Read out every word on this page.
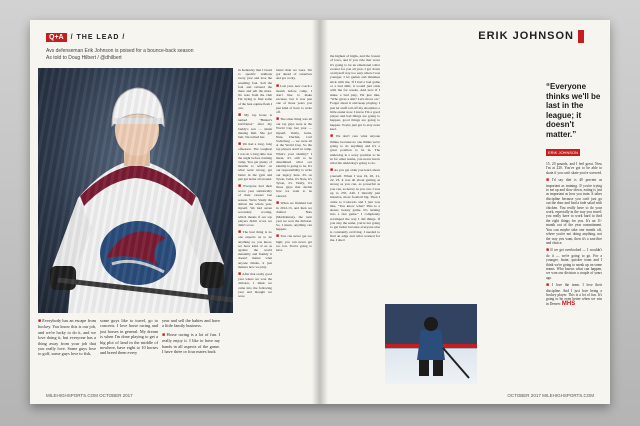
Q+A	/ THE LEAD /
Avs defenseman Erik Johnson is poised for a bounce-back season
As told to Doug Hilbert / @dhilbert

■Everybody has an escape from hockey. You know this is our job, and we're lucky to do it, and we love doing it, but everyone has a thing away from your job that you really love. Some guys love to golf, some guys love to fish,

some guys like to travel, go to concerts. I love horse racing and just horses in general. My dream is when I'm done playing to get a big plot of land in the middle of nowhere, have eight to 10 horses and breed them every

year and sell the babies and have a little family business.

■Horse racing is a lot of fun. I really enjoy it. I like to have my hands in all aspects of the game. I have three or four mares back

in Kentucky that I breed to specific stallions every year and love the resulting foal. Sell the foal and rebreed the mare and sell the mare. No note from the club I'm trying to find some of the best equine flesh I can.

■My top horse is named "Hunter's Girlfriend," after my buddy's son — kinda musing him. She got hurt. We retired her.

■We had a long, long offseason. The toughest I was in a long time was the night before training camp. You get plenty of months to reflect on what went wrong, get better in the gym and just get better all around.

■Everyone had their worst year statistically of their careers last season. We're Vasily the almost the whole year, myself. We had seven secondary scoring, which means if our top players didn't score we didn't score.

■The best thing is no one expects us to do anything so, you know, we have kind of us as against the world mentality and frankly it doesn't matter what anyone thinks, it just matters how we play.

■After that really good year where we won the division, I think we came into the following year and thought we were

better than we were. We got ahead of ourselves and got cocky.

■Last year, new coach a month before camp. I don't like to make excuses, but it was just one of those years you just kind of have to write off.

■The other thing was all our top guys were at the World Cup last year — myself, Vasily, Gabe, Nate, Duchin, Carl Soderberg — we were all at the World Cup. So the top players aren't in camp. What's your identity? I mean, it's still to be determined what our identity is going to be. It's our responsibility to write our legacy here. It's on Tyson, Gabe, it's Nate, it's Tyson, it's Vasily, it's those guys that decide how we want to be viewed.

■When we finished last in 2012-13, and then we drafted Nate (MacKinnon), the next year we won the division. So, I mean, anything can happen.

■You can never get too high; you can never get too low. You're going to have

MILEHIGHSPORTS.COM OCTOBER 2017
ERIK JOHNSON

the highest of highs, and the lowest of lows, and if you ride that wave it's going to be an emotional roller coaster for you all year. I got down on myself way too easy when I was younger. I let games and mistakes stick with me. If I had a bad game or a bad shift, it would just stick with me for weeks. And now if I make a bad play, I'm just like, "Who gives a shit? Let's move on." Forget about it and keep playing. I just let stuff roll off my shoulders a little easier now. I know I'm a good player and bad things are going to happen, good things are going to happen. You're just got to stay even keel.

■We don't care what anyone thinks, because no one thinks we're going to do anything and it's a great position to be in. The underdog is a scary position to be in for other teams, you never know what the underdog's going to do.

■As you get older you learn about yourself. When I was 19, 20, 21, 22, 23, it was all about getting as strong as you can, as powerful as you can, as heavy as you can. I was up to 235, 240. I literally just massive, more football big. Then I came to Colorado and I just was like, "You know what? This is a skater, beasty game. It's turning into a fast game." I completely revamped the way I did things. If you stay the same, you're not going to get better because everyone else is constantly evolving. I needed to find an edge and what worked for me. I shed

“Everyone thinks we'll be last in the league; it doesn't matter.”
ERIK JOHNSON

15, 20 pounds, and I feel great. Now I'm at 220. You've got to be able to skate if you can't skate you're screwed.

■I'd say diet is 40 percent as important as training. If you're trying to eat up and slow down, eating is just as important as how you train. It takes discipline because you can't just go out the door and find a fade salad with chicken. You really have to do your work, especially in the way you travel: you really have to work hard to find the right things for you. It's an 11-month out of the year commitment. You can maybe take one month off, where you're not doing anything, not the way you want, then it's a sacrifice and choice.

■If we get overlooked — I wouldn't do it — we're going to go. For a younger, faster, quicker team and I think we're going to sneak up on some teams. Who knows what can happen, we won our division a couple of years ago.

■I love the team. I love their discipline. And I just love being a hockey player. This is a lot of fun. It's going to be even better when we win in Denver. MHS

OCTOBER 2017 MILEHIGHSPORTS.COM
